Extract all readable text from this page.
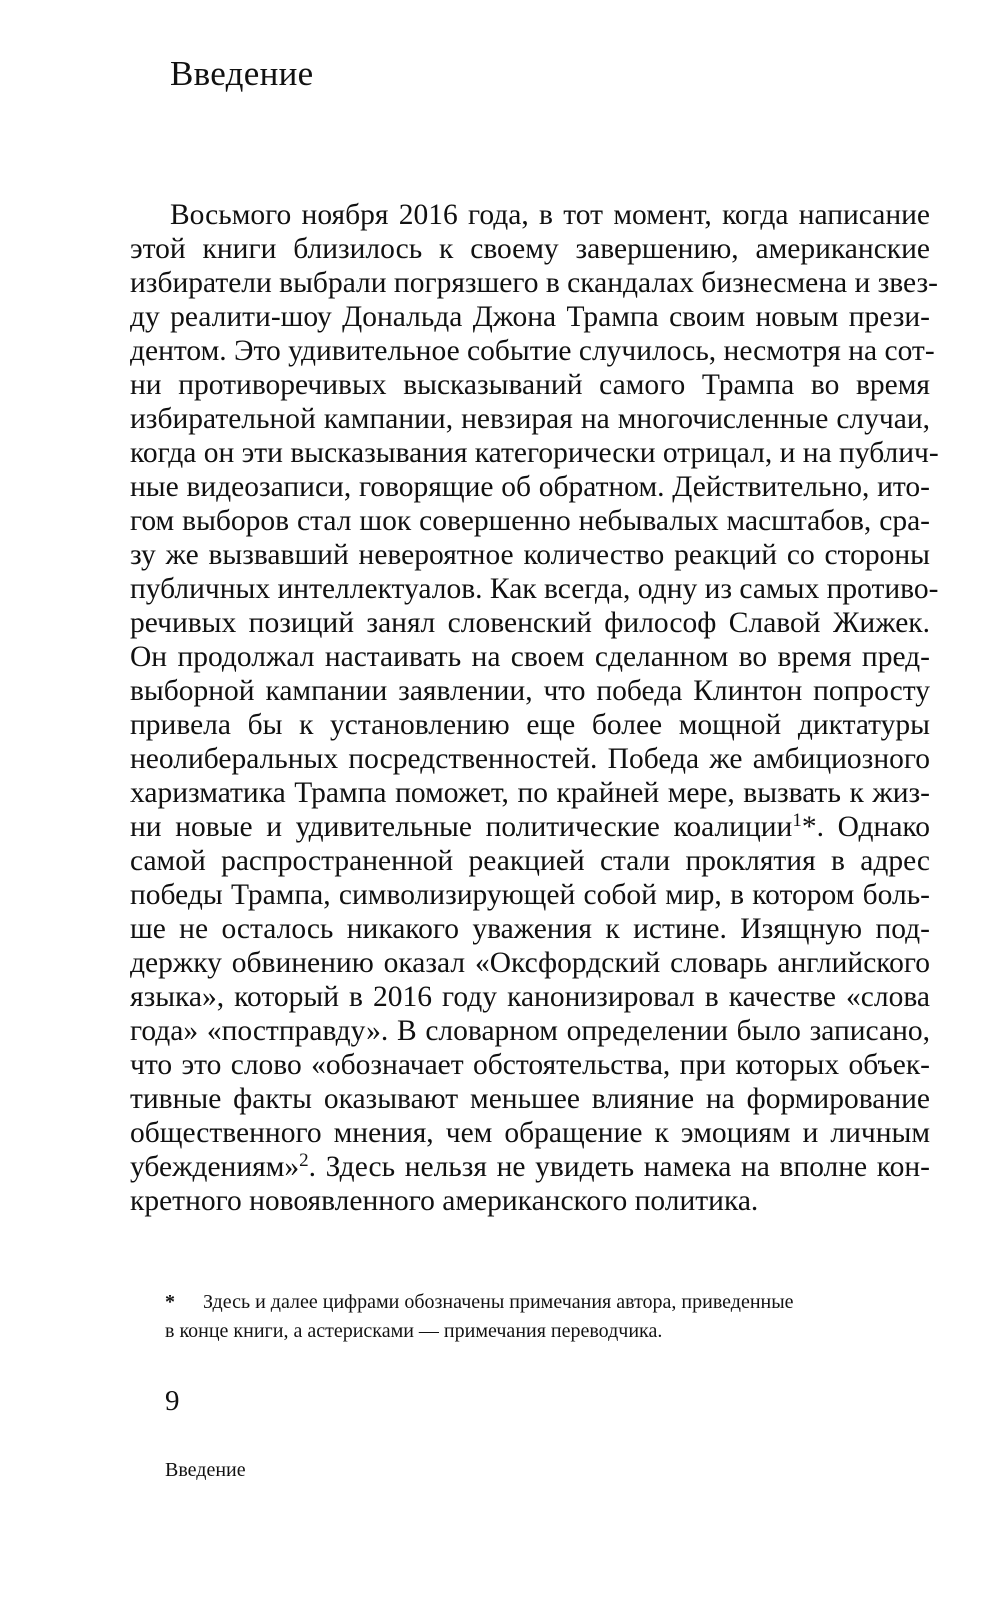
Введение
Восьмого ноября 2016 года, в тот момент, когда написание
этой книги близилось к своему завершению, американские
избиратели выбрали погрязшего в скандалах бизнесмена и звез-
ду реалити-шоу Дональда Джона Трампа своим новым прези-
дентом. Это удивительное событие случилось, несмотря на сот-
ни противоречивых высказываний самого Трампа во время
избирательной кампании, невзирая на многочисленные случаи,
когда он эти высказывания категорически отрицал, и на публич-
ные видеозаписи, говорящие об обратном. Действительно, ито-
гом выборов стал шок совершенно небывалых масштабов, сра-
зу же вызвавший невероятное количество реакций со стороны
публичных интеллектуалов. Как всегда, одну из самых противо-
речивых позиций занял словенский философ Славой Жижек.
Он продолжал настаивать на своем сделанном во время пред-
выборной кампании заявлении, что победа Клинтон попросту
привела бы к установлению еще более мощной диктатуры
неолиберальных посредственностей. Победа же амбициозного
харизматика Трампа поможет, по крайней мере, вызвать к жиз-
ни новые и удивительные политические коалиции$^1$*. Однако
самой распространенной реакцией стали проклятия в адрес
победы Трампа, символизирующей собой мир, в котором боль-
ше не осталось никакого уважения к истине. Изящную под-
держку обвинению оказал «Оксфордский словарь английского
языка», который в 2016 году канонизировал в качестве «слова
года» «постправду». В словарном определении было записано,
что это слово «обозначает обстоятельства, при которых объек-
тивные факты оказывают меньшее влияние на формирование
общественного мнения, чем обращение к эмоциям и личным
убеждениям»$^2$. Здесь нельзя не увидеть намека на вполне кон-
кретного новоявленного американского политика.
* Здесь и далее цифрами обозначены примечания автора, приведенные
в конце книги, а астерисками — примечания переводчика.
9
Введение
